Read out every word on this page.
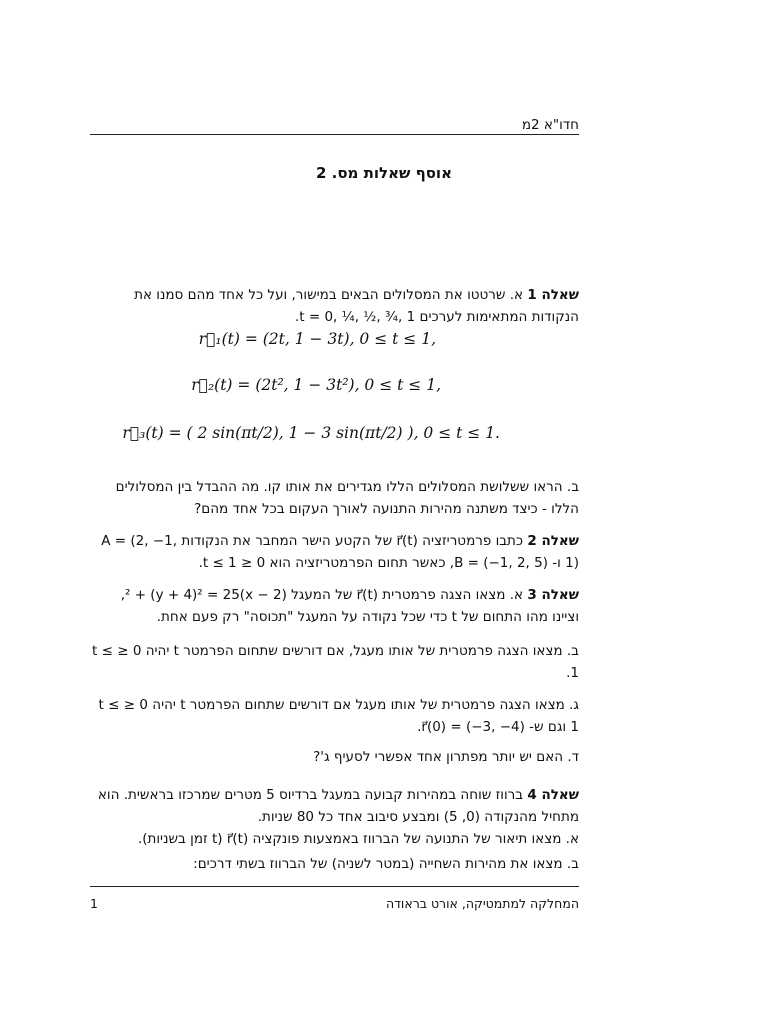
חדו"א 2מ
אוסף שאלות מס. 2
שאלה 1 א. שרטטו את המסלולים הבאים במישור, ועל כל אחד מהם סמנו את הנקודות המתאימות לערכים t = 0, ¼, ½, ¾, 1.
r⃗₁(t) = (2t, 1 − 3t), 0 ≤ t ≤ 1,
r⃗₂(t) = (2t², 1 − 3t²), 0 ≤ t ≤ 1,
r⃗₃(t) = ( 2 sin(πt/2), 1 − 3 sin(πt/2) ), 0 ≤ t ≤ 1.
ב. הראו ששלושת המסלולים הללו מגדירים את אותו קו. מה ההבדל בין המסלולים הללו - כיצד משתנה מהירות התנועה לאורך העקום בכל אחד מהם?
שאלה 2 כתבו פרמטריזציה r⃗(t) של הקטע הישר המחבר את הנקודות A = (2, −1, 1) ו- B = (−1, 2, 5), כאשר תחום הפרמטריזציה הוא 0 ≤ t ≤ 1.
שאלה 3 א. מצאו הצגה פרמטרית r⃗(t) של המעגל (x − 2)² + (y + 4)² = 25, וציינו מהו התחום של t כדי שכל נקודה על המעגל "תכוסה" רק פעם אחת.
ב. מצאו הצגה פרמטרית של אותו מעגל, אם דורשים שתחום הפרמטר t יהיה 0 ≤ t ≤ 1.
ג. מצאו הצגה פרמטרית של אותו מעגל אם דורשים שתחום הפרמטר t יהיה 0 ≤ t ≤ 1 וגם ש- r⃗(0) = (−3, −4).
ד. האם יש יותר מפתרון אחד אפשרי לסעיף ג'?
שאלה 4 ברווז שוחה במהירות קבועה במעגל ברדיוס 5 מטרים שמרכזו בראשית. הוא מתחיל מהנקודה (0, 5) ומבצע סיבוב אחד כל 80 שניות.
א. מצאו תיאור של התנועה של הברווז באמצעות פונקציה r⃗(t) (t זמן בשניות).
ב. מצאו את מהירות השחייה (במטר לשניה) של הברווז בשתי דרכים:
1	המחלקה למתמטיקה, אורט בראודה
